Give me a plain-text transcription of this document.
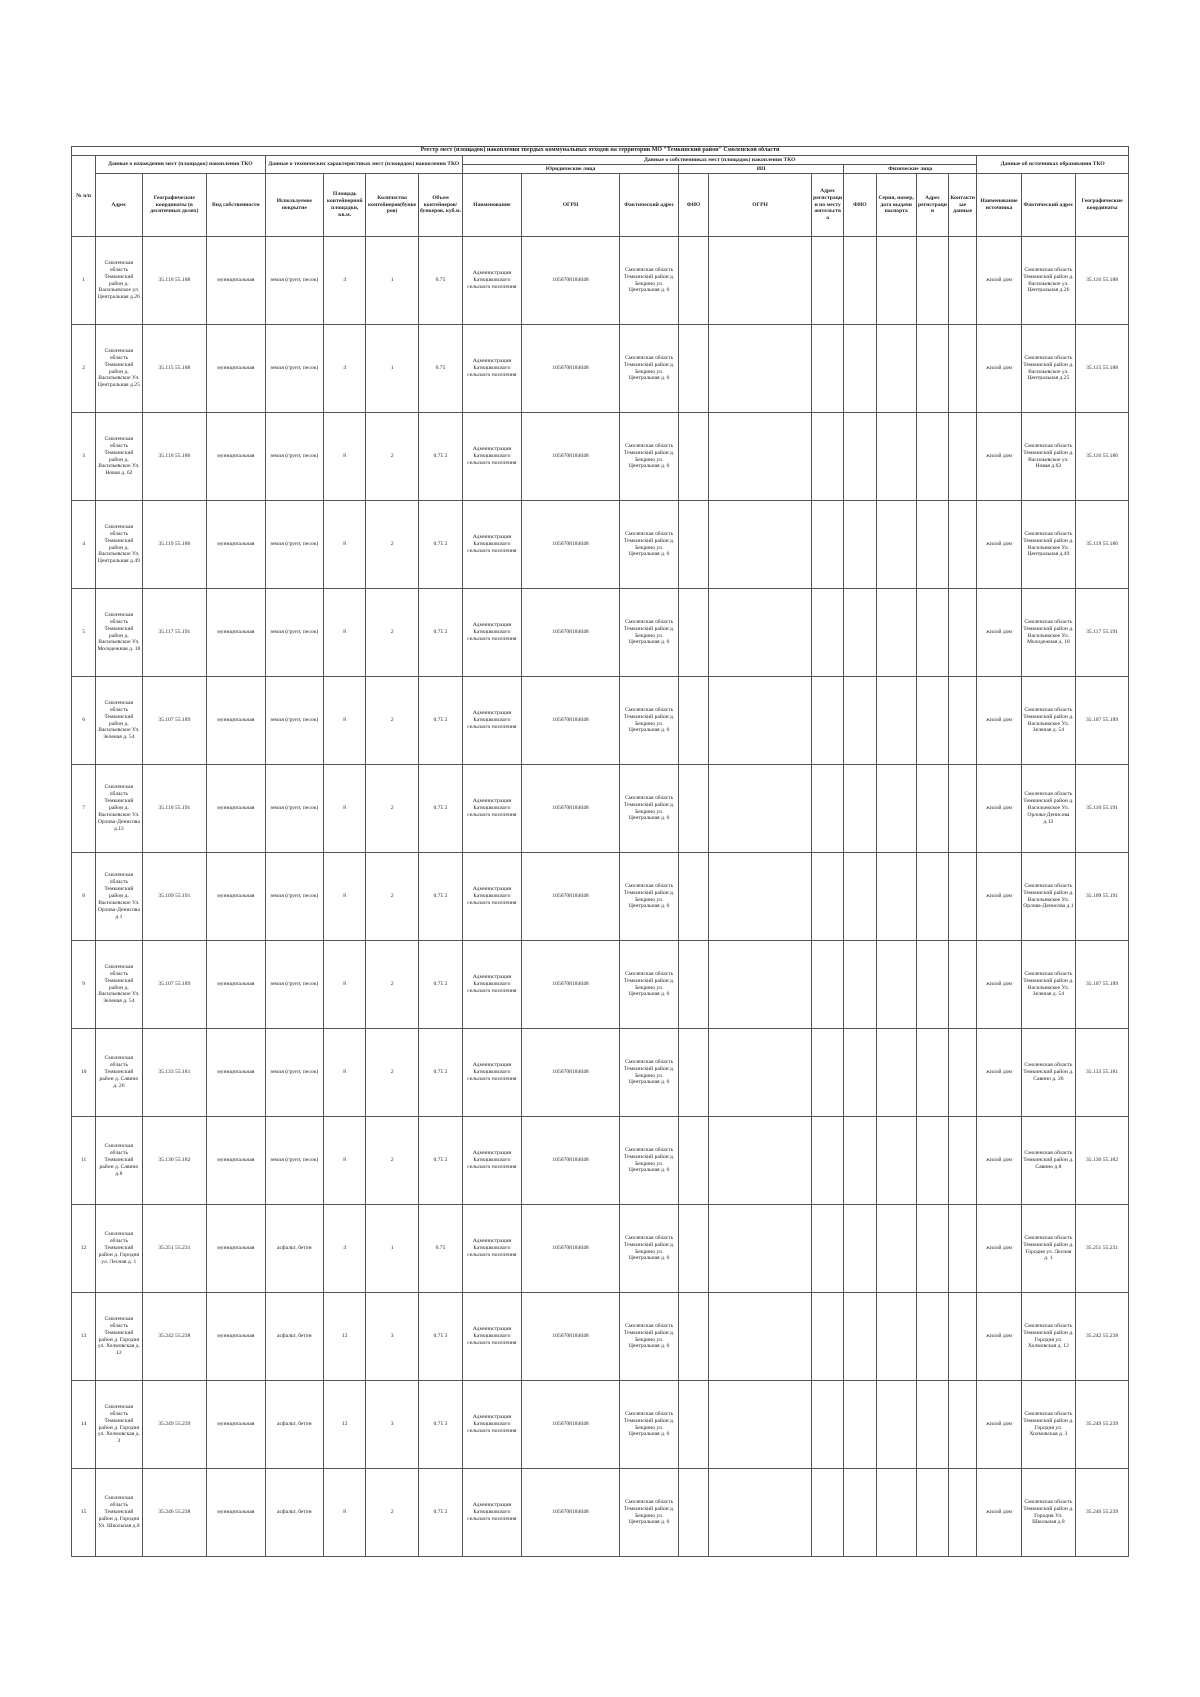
Реестр мест (площадок) накопления твердых коммунальных отходов на территории МО "Темкинский район" Смоленской области																				
№ п/п	Данные о нахождении мест (площадок) накопления ТКО			Данные о технических характеристиках мест (площадок) накопления ТКО				Данные о собственниках мест (площадок) накопления ТКО										Данные об источниках образования ТКО		
								Юридические лица			ИП			Физические лица						
	Адрес	Географические координаты (в десятичных долях)	Вид собственности	Используемое покрытие	Площадь контейнерной площадки, кв.м.	Количество контейнеров(бункеров)	Объем контейнеров/ бункеров, куб.м.	Наименование	ОГРН	Фактический адрес	ФИО	ОГРН	Адрес регистрации по месту жительства	ФИО	Серия, номер, дата выдачи паспорта	Адрес регистрации	Контактные данные	Наименование источника	Фактический адрес	Географические координаты
1	Смоленская область Темкинский район д. Васильевское ул. Центральная д.26	35.116 55.188	муниципальная	земля (грунт, песок)	4	1	0.75	Администрация Батюшковского сельского поселения	1056708184048	Смоленская область Темкинский район д. Бекрино ул. Центральная д. 6								жилой дом	Смоленская область Темкинский район д. Васильевское ул. Центральная д.26	35.116 55.188
2	Смоленская область Темкинский район д. Васильевское Ул. Центральная д.25	35.115 55.188	муниципальная	земля (грунт, песок)	4	1	0.75	Администрация Батюшковского сельского поселения	1056708184048	Смоленская область Темкинский район д. Бекрино ул. Центральная д. 6								жилой дом	Смоленская область Темкинский район д. Васильевское ул. Центральная д.25	35.115 55.188
3	Смоленская область Темкинский район д. Васильевское Ул. Новая д. 62	35.116 55.186	муниципальная	земля (грунт, песок)	8	2	0.75 2	Администрация Батюшковского сельского поселения	1056708184048	Смоленская область Темкинский район д. Бекрино ул. Центральная д. 6								жилой дом	Смоленская область Темкинский район д. Васильевское ул. Новая д.62	35.116 55.186
4	Смоленская область Темкинский район д. Васильевское Ул. Центральная д.49	35.119 55.186	муниципальная	земля (грунт, песок)	8	2	0.75 2	Администрация Батюшковского сельского поселения	1056708184048	Смоленская область Темкинский район д. Бекрино ул. Центральная д. 6								жилой дом	Смоленская область Темкинский район д. Васильевское Ул. Центральная д.49	35.119 55.186
5	Смоленская область Темкинский район д. Васильевское Ул. Молодежная д. 18	35.117 55.191	муниципальная	земля (грунт, песок)	8	2	0.75 2	Администрация Батюшковского сельского поселения	1056708184048	Смоленская область Темкинский район д. Бекрино ул. Центральная д. 6								жилой дом	Смоленская область Темкинский район д. Васильевское Ул. Молодежная д. 18	35.117 55.191
6	Смоленская область Темкинский район д. Васильевское Ул. Зеленая д. 54	35.107 55.189	муниципальная	земля (грунт, песок)	8	2	0.75 2	Администрация Батюшковского сельского поселения	1056708184048	Смоленская область Темкинский район д. Бекрино ул. Центральная д. 6								жилой дом	Смоленская область Темкинский район д. Васильевское Ул. Зеленая д. 54	35.107 55.189
7	Смоленская область Темкинский район д. Васильевское Ул. Орлова-Денисова д.12	35.110 55.191	муниципальная	земля (грунт, песок)	8	2	0.75 2	Администрация Батюшковского сельского поселения	1056708184048	Смоленская область Темкинский район д. Бекрино ул. Центральная д. 6								жилой дом	Смоленская область Темкинский район д. Васильевское Ул. Орлова-Денисова д.12	35.110 55.191
8	Смоленская область Темкинский район д. Васильевское Ул. Орлова-Денисова д.1	35.109 55.191	муниципальная	земля (грунт, песок)	8	2	0.75 2	Администрация Батюшковского сельского поселения	1056708184048	Смоленская область Темкинский район д. Бекрино ул. Центральная д. 6								жилой дом	Смоленская область Темкинский район д. Васильевское Ул. Орлова-Денисова д.1	35.109 55.191
9	Смоленская область Темкинский район д. Васильевское Ул. Зеленая д. 54	35.107 55.189	муниципальная	земля (грунт, песок)	8	2	0.75 2	Администрация Батюшковского сельского поселения	1056708184048	Смоленская область Темкинский район д. Бекрино ул. Центральная д. 6								жилой дом	Смоленская область Темкинский район д. Васильевское Ул. Зеленая д. 54	35.107 55.189
10	Смоленская область Темкинский район д. Савино д. 26	35.133 55.181	муниципальная	земля (грунт, песок)	8	2	0.75 2	Администрация Батюшковского сельского поселения	1056708184048	Смоленская область Темкинский район д. Бекрино ул. Центральная д. 6								жилой дом	Смоленская область Темкинский район д. Савино д. 26	35.133 55.181
11	Смоленская область Темкинский район д. Савино д.8	35.130 55.182	муниципальная	земля (грунт, песок)	8	2	0.75 2	Администрация Батюшковского сельского поселения	1056708184048	Смоленская область Темкинский район д. Бекрино ул. Центральная д. 6								жилой дом	Смоленская область Темкинский район д. Савино д.8	35.130 55.182
12	Смоленская область Темкинский район д. Городня ул. Лесная д. 1	35.251 55.231	муниципальная	асфальт, бетон	4	1	0.75	Администрация Батюшковского сельского поселения	1056708184048	Смоленская область Темкинский район д. Бекрино ул. Центральная д. 6								жилой дом	Смоленская область Темкинский район д. Городня ул. Лесная д. 1	35.251 55.231
13	Смоленская область Темкинский район д. Городня ул. Холмовская д. 12	35.242 55.238	муниципальная	асфальт, бетон	12	3	0.75 3	Администрация Батюшковского сельского поселения	1056708184048	Смоленская область Темкинский район д. Бекрино ул. Центральная д. 6								жилой дом	Смоленская область Темкинский район д. Городня ул. Холмовская д. 12	35.242 55.238
14	Смоленская область Темкинский район д. Городня ул. Холмовская д. 3	35.249 55.239	муниципальная	асфальт, бетон	12	3	0.75 3	Администрация Батюшковского сельского поселения	1056708184048	Смоленская область Темкинский район д. Бекрино ул. Центральная д. 6								жилой дом	Смоленская область Темкинский район д. Городня ул. Холмовская д. 3	35.249 55.239
15	Смоленская область Темкинский район д. Городня Ул. Школьная д.8	35.246 55.238	муниципальная	асфальт, бетон	8	2	0.75 2	Администрация Батюшковского сельского поселения	1056708184048	Смоленская область Темкинский район д. Бекрино ул. Центральная д. 6								жилой дом	Смоленская область Темкинский район д. Городня Ул. Школьная д.8	35.246 55.239
